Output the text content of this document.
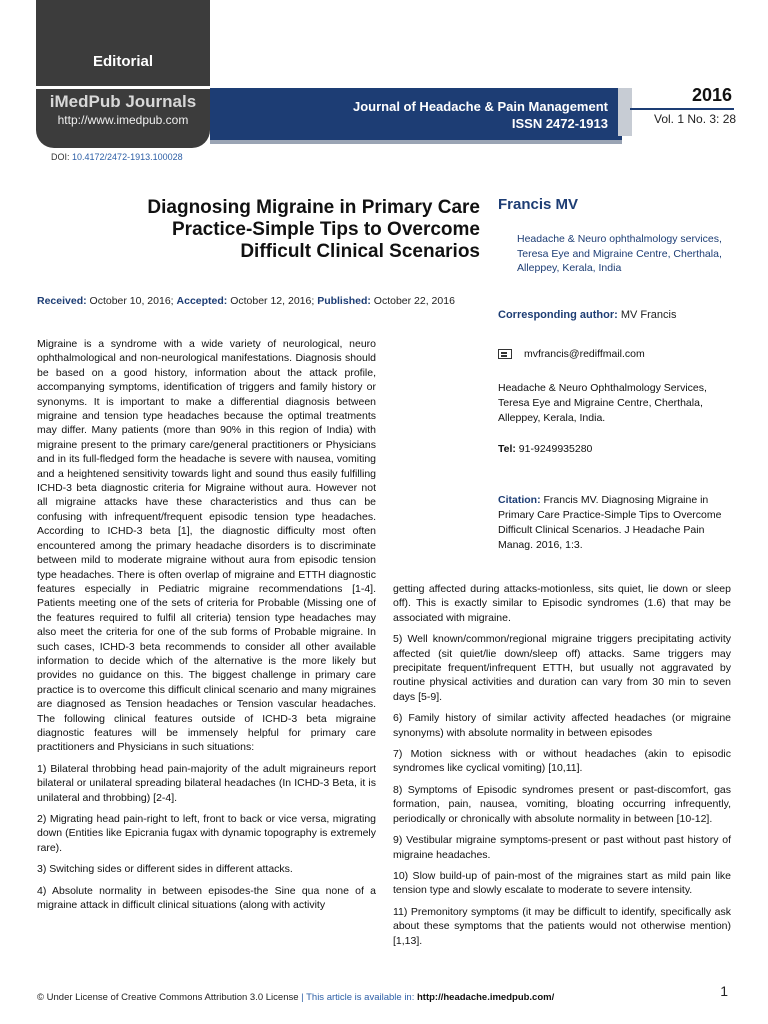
Editorial
iMedPub Journals
http://www.imedpub.com
Journal of Headache & Pain Management
ISSN 2472-1913
2016
Vol. 1 No. 3: 28
DOI: 10.4172/2472-1913.100028
Diagnosing Migraine in Primary Care Practice-Simple Tips to Overcome Difficult Clinical Scenarios
Francis MV
Headache & Neuro ophthalmology services, Teresa Eye and Migraine Centre, Cherthala, Alleppey, Kerala, India
Received: October 10, 2016; Accepted: October 12, 2016; Published: October 22, 2016
Corresponding author: MV Francis
mvfrancis@rediffmail.com
Headache & Neuro Ophthalmology Services, Teresa Eye and Migraine Centre, Cherthala, Alleppey, Kerala, India.
Tel: 91-9249935280
Citation: Francis MV. Diagnosing Migraine in Primary Care Practice-Simple Tips to Overcome Difficult Clinical Scenarios. J Headache Pain Manag. 2016, 1:3.

Migraine is a syndrome with a wide variety of neurological, neuro ophthalmological and non-neurological manifestations. Diagnosis should be based on a good history, information about the attack profile, accompanying symptoms, identification of triggers and family history or synonyms. It is important to make a differential diagnosis between migraine and tension type headaches because the optimal treatments may differ. Many patients (more than 90% in this region of India) with migraine present to the primary care/general practitioners or Physicians and in its full-fledged form the headache is severe with nausea, vomiting and a heightened sensitivity towards light and sound thus easily fulfilling ICHD-3 beta diagnostic criteria for Migraine without aura. However not all migraine attacks have these characteristics and thus can be confusing with infrequent/frequent episodic tension type headaches. According to ICHD-3 beta [1], the diagnostic difficulty most often encountered among the primary headache disorders is to discriminate between mild to moderate migraine without aura from episodic tension type headaches. There is often overlap of migraine and ETTH diagnostic features especially in Pediatric migraine recommendations [1-4]. Patients meeting one of the sets of criteria for Probable (Missing one of the features required to fulfil all criteria) tension type headaches may also meet the criteria for one of the sub forms of Probable migraine. In such cases, ICHD-3 beta recommends to consider all other available information to decide which of the alternative is the more likely but provides no guidance on this. The biggest challenge in primary care practice is to overcome this difficult clinical scenario and many migraines are diagnosed as Tension headaches or Tension vascular headaches. The following clinical features outside of ICHD-3 beta migraine diagnostic features will be immensely helpful for primary care practitioners and Physicians in such situations:

1) Bilateral throbbing head pain-majority of the adult migraineurs report bilateral or unilateral spreading bilateral headaches (In ICHD-3 Beta, it is unilateral and throbbing) [2-4].

2) Migrating head pain-right to left, front to back or vice versa, migrating down (Entities like Epicrania fugax with dynamic topography is extremely rare).

3) Switching sides or different sides in different attacks.

4) Absolute normality in between episodes-the Sine qua none of a migraine attack in difficult clinical situations (along with activity

getting affected during attacks-motionless, sits quiet, lie down or sleep off). This is exactly similar to Episodic syndromes (1.6) that may be associated with migraine.

5) Well known/common/regional migraine triggers precipitating activity affected (sit quiet/lie down/sleep off) attacks. Same triggers may precipitate frequent/infrequent ETTH, but usually not aggravated by routine physical activities and duration can vary from 30 min to seven days [5-9].

6) Family history of similar activity affected headaches (or migraine synonyms) with absolute normality in between episodes

7) Motion sickness with or without headaches (akin to episodic syndromes like cyclical vomiting) [10,11].

8) Symptoms of Episodic syndromes present or past-discomfort, gas formation, pain, nausea, vomiting, bloating occurring infrequently, periodically or chronically with absolute normality in between [10-12].

9) Vestibular migraine symptoms-present or past without past history of migraine headaches.

10) Slow build-up of pain-most of the migraines start as mild pain like tension type and slowly escalate to moderate to severe intensity.

11) Premonitory symptoms (it may be difficult to identify, specifically ask about these symptoms that the patients would not otherwise mention) [1,13].

© Under License of Creative Commons Attribution 3.0 License | This article is available in: http://headache.imedpub.com/	1
